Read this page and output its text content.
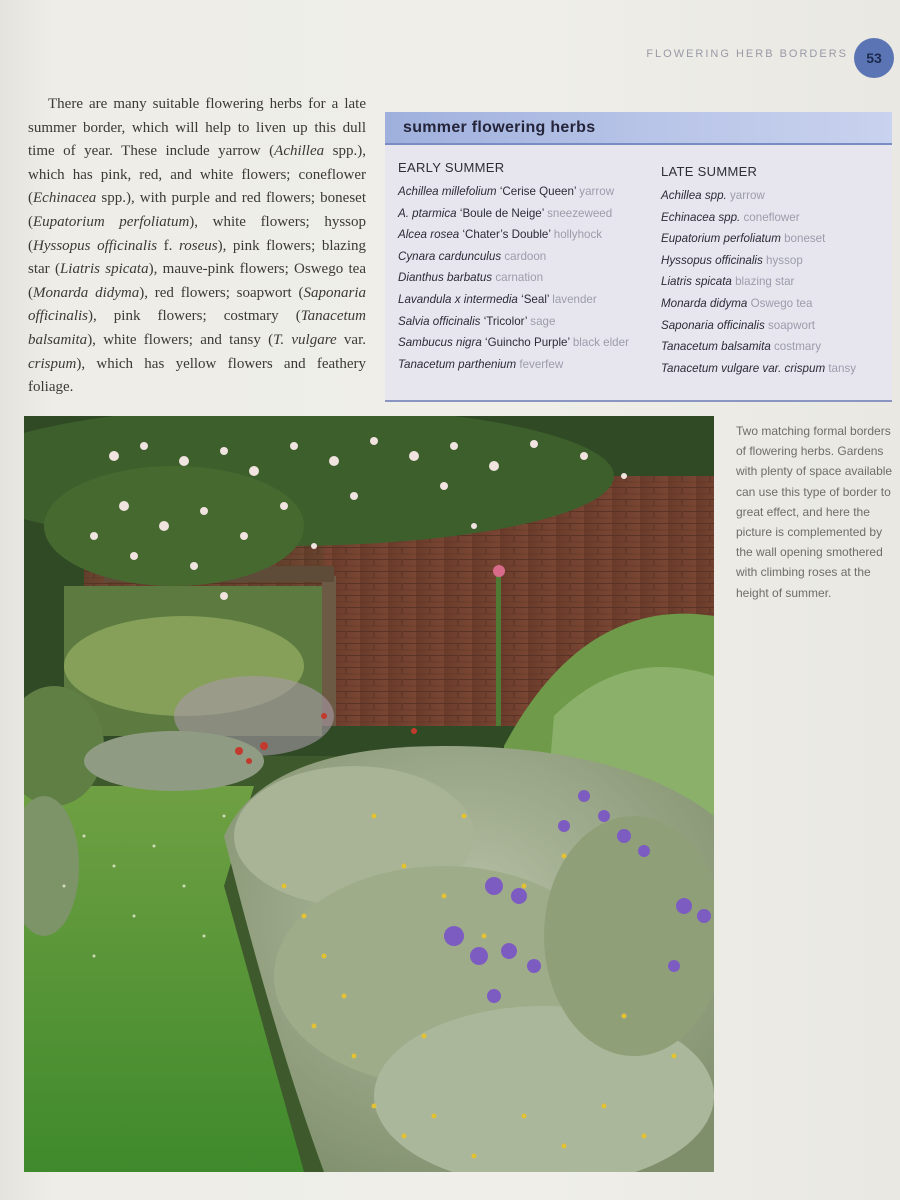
FLOWERING HERB BORDERS	53

There are many suitable flowering herbs for a late summer border, which will help to liven up this dull time of year. These include yarrow (Achillea spp.), which has pink, red, and white flowers; coneflower (Echinacea spp.), with purple and red flowers; boneset (Eupatorium perfoliatum), white flowers; hyssop (Hyssopus officinalis f. roseus), pink flowers; blazing star (Liatris spicata), mauve-pink flowers; Oswego tea (Monarda didyma), red flowers; soapwort (Saponaria officinalis), pink flowers; costmary (Tanacetum balsamita), white flowers; and tansy (T. vulgare var. crispum), which has yellow flowers and feathery foliage.

summer flowering herbs
EARLY SUMMER
Achillea millefolium ‘Cerise Queen’ yarrow
A. ptarmica ‘Boule de Neige’ sneezeweed
Alcea rosea ‘Chater’s Double’ hollyhock
Cynara cardunculus cardoon
Dianthus barbatus carnation
Lavandula x intermedia ‘Seal’ lavender
Salvia officinalis ‘Tricolor’ sage
Sambucus nigra ‘Guincho Purple’ black elder
Tanacetum parthenium feverfew
LATE SUMMER
Achillea spp. yarrow
Echinacea spp. coneflower
Eupatorium perfoliatum boneset
Hyssopus officinalis hyssop
Liatris spicata blazing star
Monarda didyma Oswego tea
Saponaria officinalis soapwort
Tanacetum balsamita costmary
Tanacetum vulgare var. crispum tansy
Two matching formal borders of flowering herbs. Gardens with plenty of space available can use this type of border to great effect, and here the picture is complemented by the wall opening smothered with climbing roses at the height of summer.
